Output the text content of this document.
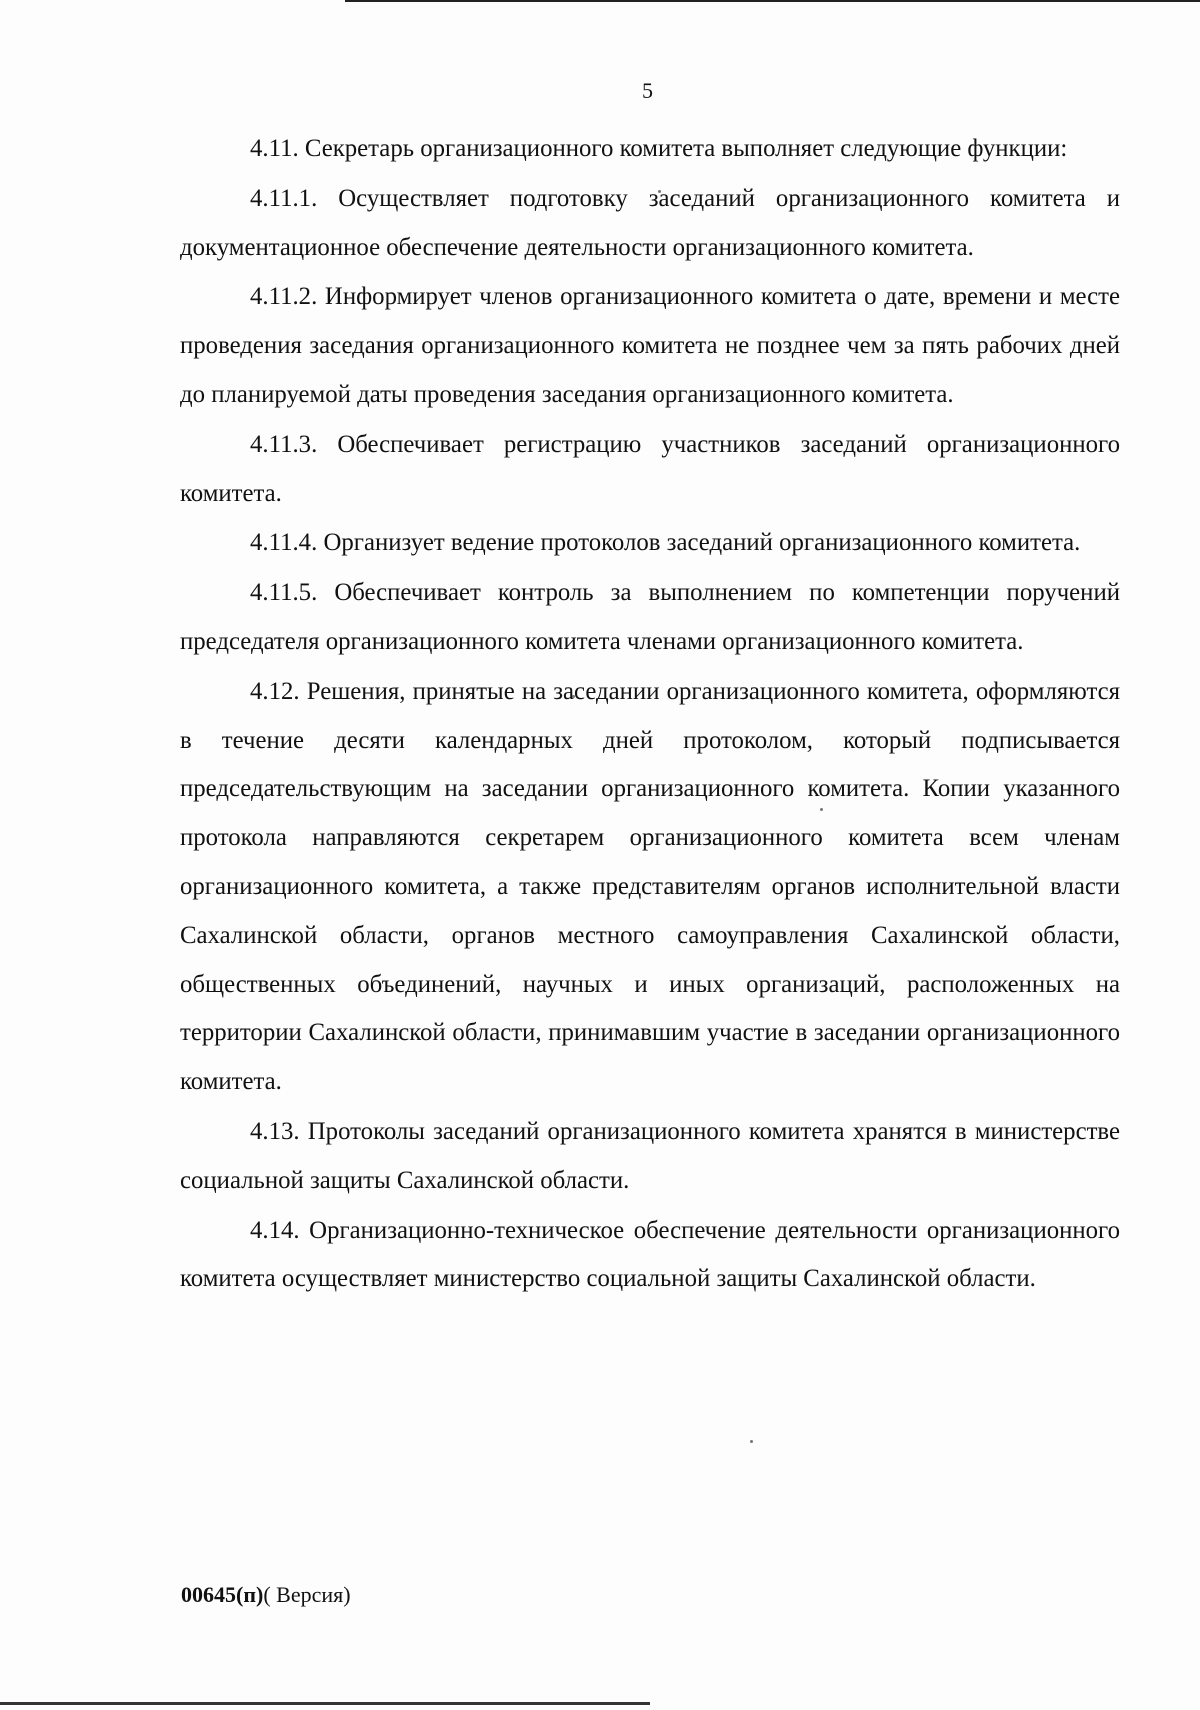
5

4.11. Секретарь организационного комитета выполняет следующие функции:

4.11.1. Осуществляет подготовку заседаний организационного комитета и документационное обеспечение деятельности организационного комитета.

4.11.2. Информирует членов организационного комитета о дате, времени и месте проведения заседания организационного комитета не позднее чем за пять рабочих дней до планируемой даты проведения заседания организационного комитета.

4.11.3. Обеспечивает регистрацию участников заседаний организационного комитета.

4.11.4. Организует ведение протоколов заседаний организационного комитета.

4.11.5. Обеспечивает контроль за выполнением по компетенции поручений председателя организационного комитета членами организационного комитета.

4.12. Решения, принятые на заседании организационного комитета, оформляются в течение десяти календарных дней протоколом, который подписывается председательствующим на заседании организационного комитета. Копии указанного протокола направляются секретарем организационного комитета всем членам организационного комитета, а также представителям органов исполнительной власти Сахалинской области, органов местного самоуправления Сахалинской области, общественных объединений, научных и иных организаций, расположенных на территории Сахалинской области, принимавшим участие в заседании организационного комитета.

4.13. Протоколы заседаний организационного комитета хранятся в министерстве социальной защиты Сахалинской области.

4.14. Организационно-техническое обеспечение деятельности организационного комитета осуществляет министерство социальной защиты Сахалинской области.

00645(п)( Версия)
